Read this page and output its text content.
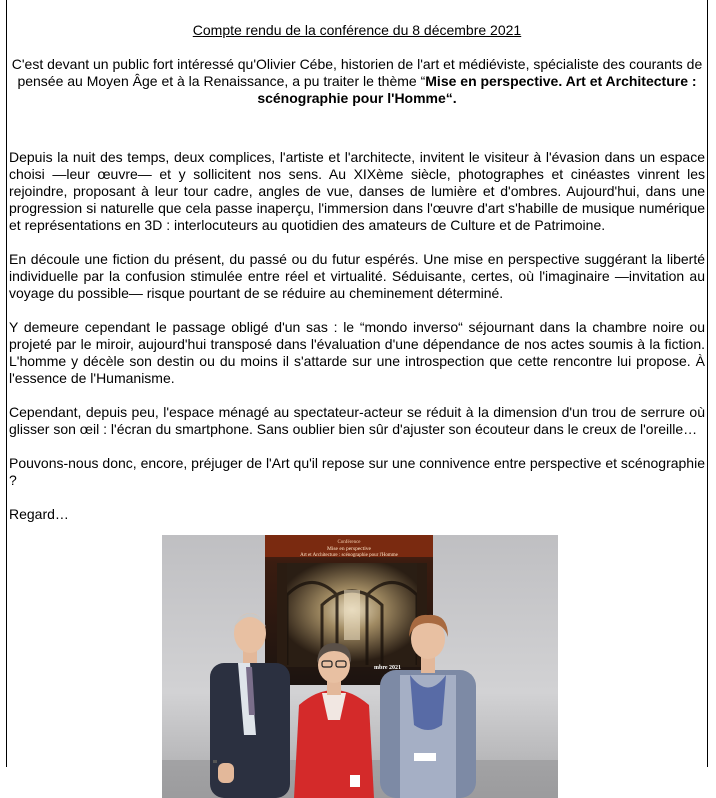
Compte rendu de la conférence du 8 décembre 2021

C'est devant un public fort intéressé qu'Olivier Cébe, historien de l'art et médiéviste, spécialiste des courants de pensée au Moyen Âge et à la Renaissance, a pu traiter le thème “Mise en perspective. Art et Architecture : scénographie pour l'Homme“.

Depuis la nuit des temps, deux complices, l'artiste et l'architecte, invitent le visiteur à l'évasion dans un espace choisi —leur œuvre— et y sollicitent nos sens. Au XIXème siècle, photographes et cinéastes vinrent les rejoindre, proposant à leur tour cadre, angles de vue, danses de lumière et d'ombres. Aujourd'hui, dans une progression si naturelle que cela passe inaperçu, l'immersion dans l'œuvre d'art s'habille de musique numérique et représentations en 3D : interlocuteurs au quotidien des amateurs de Culture et de Patrimoine.

En découle une fiction du présent, du passé ou du futur espérés. Une mise en perspective suggérant la liberté individuelle par la confusion stimulée entre réel et virtualité. Séduisante, certes, où l'imaginaire —invitation au voyage du possible— risque pourtant de se réduire au cheminement déterminé.

Y demeure cependant le passage obligé d'un sas : le “mondo inverso“ séjournant dans la chambre noire ou projeté par le miroir, aujourd'hui transposé dans l'évaluation d'une dépendance de nos actes soumis à la fiction. L'homme y décèle son destin ou du moins il s'attarde sur une introspection que cette rencontre lui propose. À l'essence de l'Humanisme.

Cependant, depuis peu, l'espace ménagé au spectateur-acteur se réduit à la dimension d'un trou de serrure où glisser son œil : l'écran du smartphone. Sans oublier bien sûr d'ajuster son écouteur dans le creux de l'oreille…

Pouvons-nous donc, encore, préjuger de l'Art qu'il repose sur une connivence entre perspective et scénographie ?

Regard…

Conférence
Mise en perspective
Art et Architecture : scénographie pour l'Homme
mbre 2021
